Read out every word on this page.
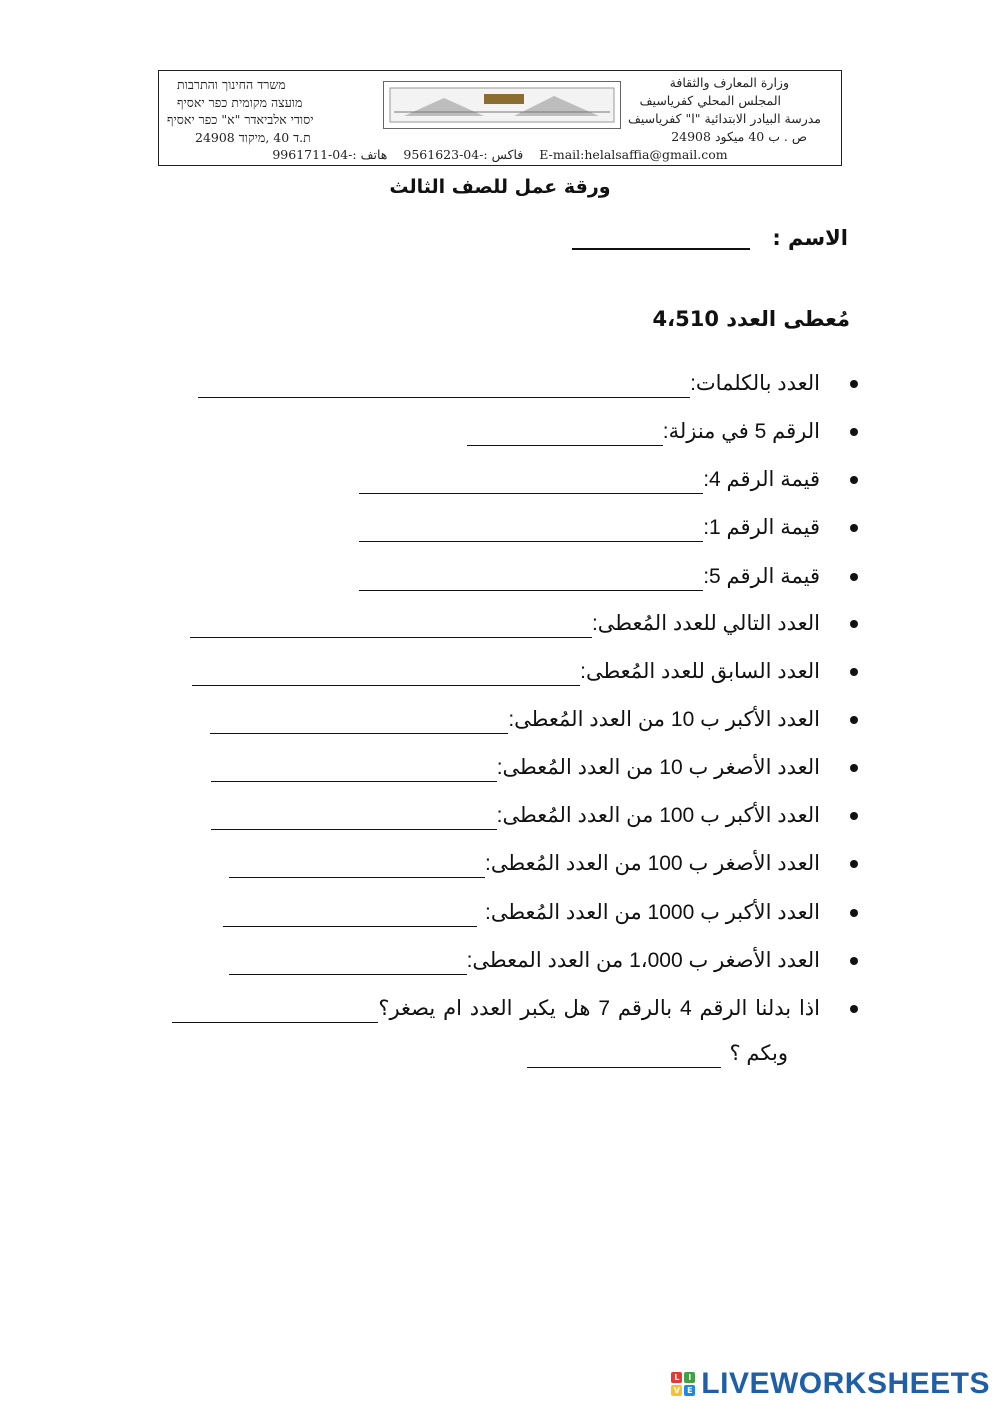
משרד החינוך והתרבות
מועצה מקומית כפר יאסיף
יסודי אלביאדר "א" כפר יאסיף
ת.ד 40 ,מיקוד 24908
وزارة المعارف والثقافة
المجلس المحلي كفرياسيف
مدرسة البيادر الابتدائية "ا" كفرياسيف
ص . ب 40 ميكود 24908
فاكس :-04-9561623 هاتف :-04-9961711	E-mail:helalsaffia@gmail.com
ورقة عمل للصف الثالث
الاسم :
مُعطى العدد 4،510
العدد بالكلمات:
الرقم 5 في منزلة:
قيمة الرقم 4:
قيمة الرقم 1:
قيمة الرقم 5:
العدد التالي للعدد المُعطى:
العدد السابق للعدد المُعطى:
العدد الأكبر ب 10 من العدد المُعطى:
العدد الأصغر ب 10 من العدد المُعطى:
العدد الأكبر ب 100 من العدد المُعطى:
العدد الأصغر ب 100 من العدد المُعطى:
العدد الأكبر ب 1000 من العدد المُعطى:
العدد الأصغر ب 1،000 من العدد المعطى:
اذا بدلنا الرقم 4 بالرقم 7 هل يكبر العدد ام يصغر؟
وبكم ؟
L	I
V E LIVEWORKSHEETS
